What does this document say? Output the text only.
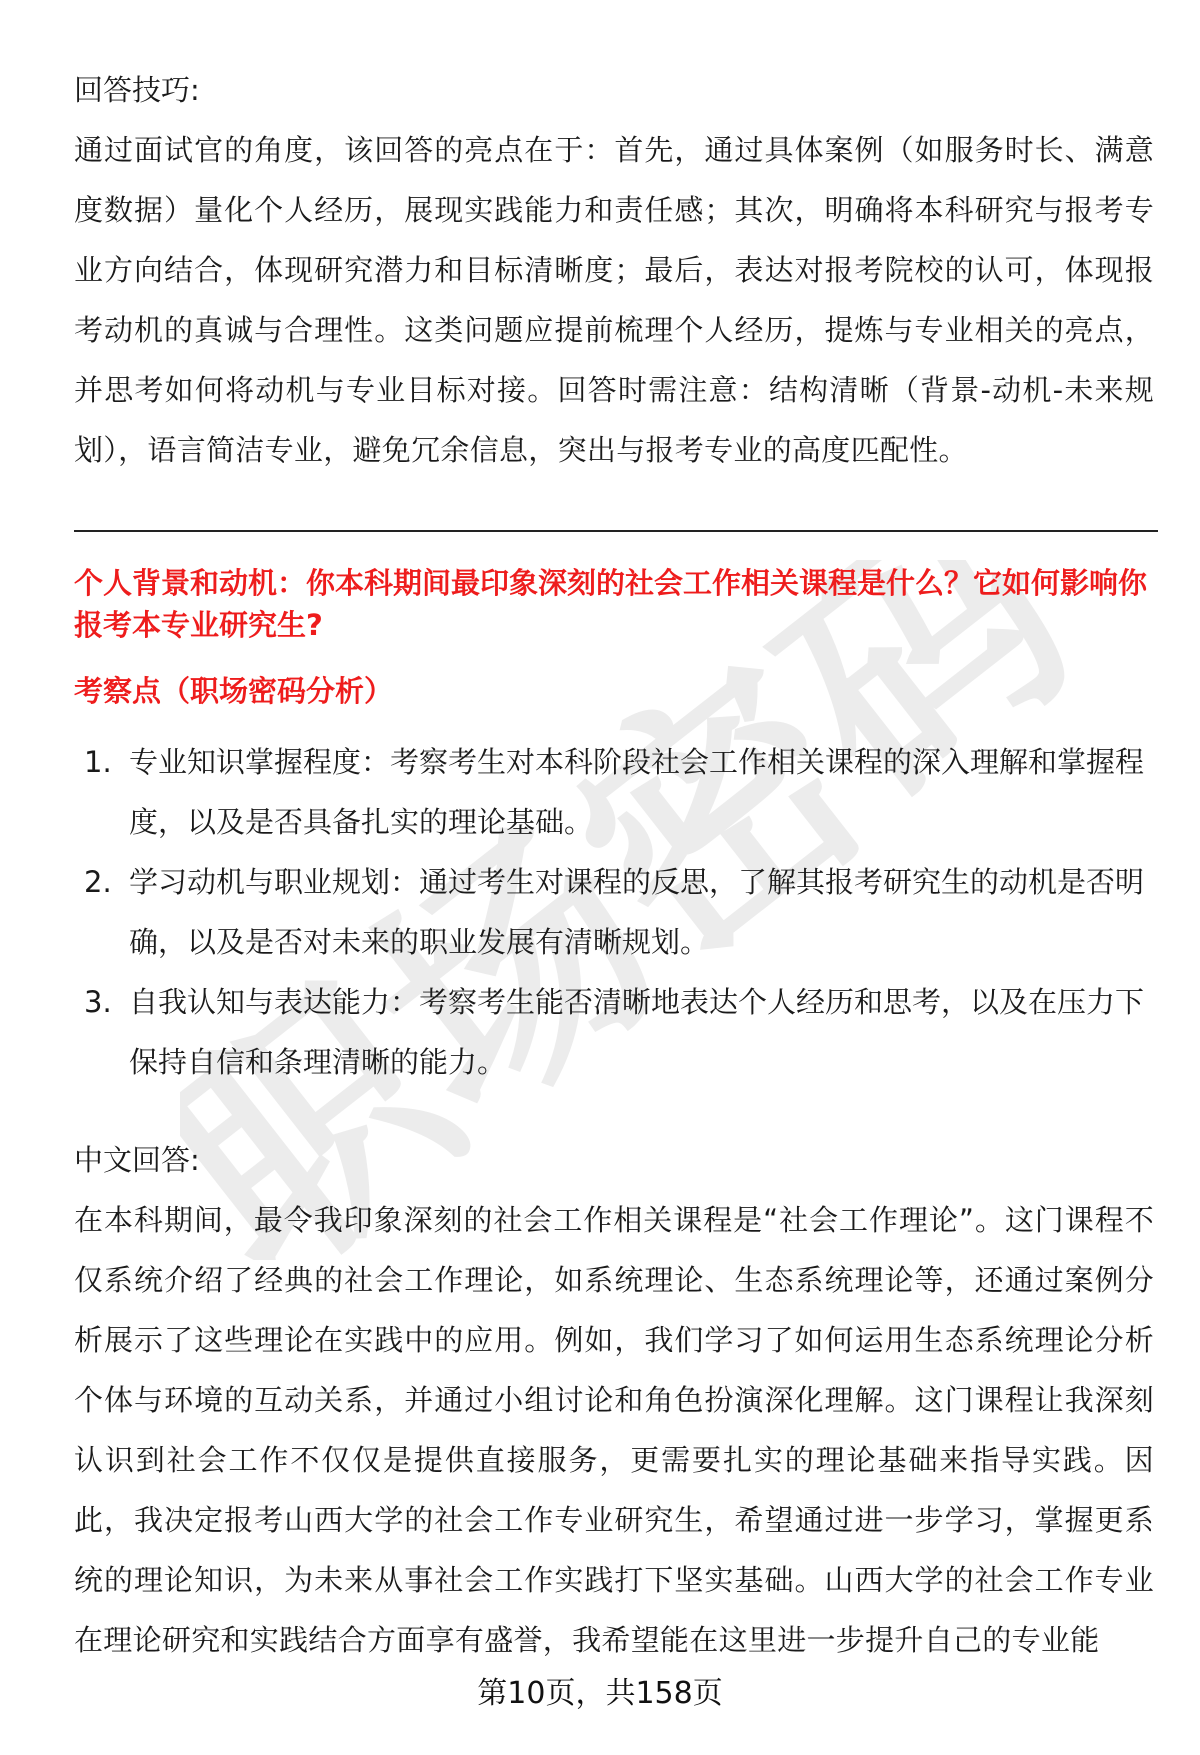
职场密码

回答技巧:

通过面试官的角度，该回答的亮点在于：首先，通过具体案例（如服务时长、满意度数据）量化个人经历，展现实践能力和责任感；其次，明确将本科研究与报考专业方向结合，体现研究潜力和目标清晰度；最后，表达对报考院校的认可，体现报考动机的真诚与合理性。这类问题应提前梳理个人经历，提炼与专业相关的亮点，并思考如何将动机与专业目标对接。回答时需注意：结构清晰（背景-动机-未来规划），语言简洁专业，避免冗余信息，突出与报考专业的高度匹配性。

个人背景和动机：你本科期间最印象深刻的社会工作相关课程是什么？它如何影响你报考本专业研究生?

考察点（职场密码分析）

1. 专业知识掌握程度：考察考生对本科阶段社会工作相关课程的深入理解和掌握程度，以及是否具备扎实的理论基础。
2. 学习动机与职业规划：通过考生对课程的反思，了解其报考研究生的动机是否明确，以及是否对未来的职业发展有清晰规划。
3. 自我认知与表达能力：考察考生能否清晰地表达个人经历和思考，以及在压力下保持自信和条理清晰的能力。

中文回答:

在本科期间，最令我印象深刻的社会工作相关课程是“社会工作理论”。这门课程不仅系统介绍了经典的社会工作理论，如系统理论、生态系统理论等，还通过案例分析展示了这些理论在实践中的应用。例如，我们学习了如何运用生态系统理论分析个体与环境的互动关系，并通过小组讨论和角色扮演深化理解。这门课程让我深刻认识到社会工作不仅仅是提供直接服务，更需要扎实的理论基础来指导实践。因此，我决定报考山西大学的社会工作专业研究生，希望通过进一步学习，掌握更系统的理论知识，为未来从事社会工作实践打下坚实基础。山西大学的社会工作专业在理论研究和实践结合方面享有盛誉，我希望能在这里进一步提升自己的专业能

第10页，共158页
